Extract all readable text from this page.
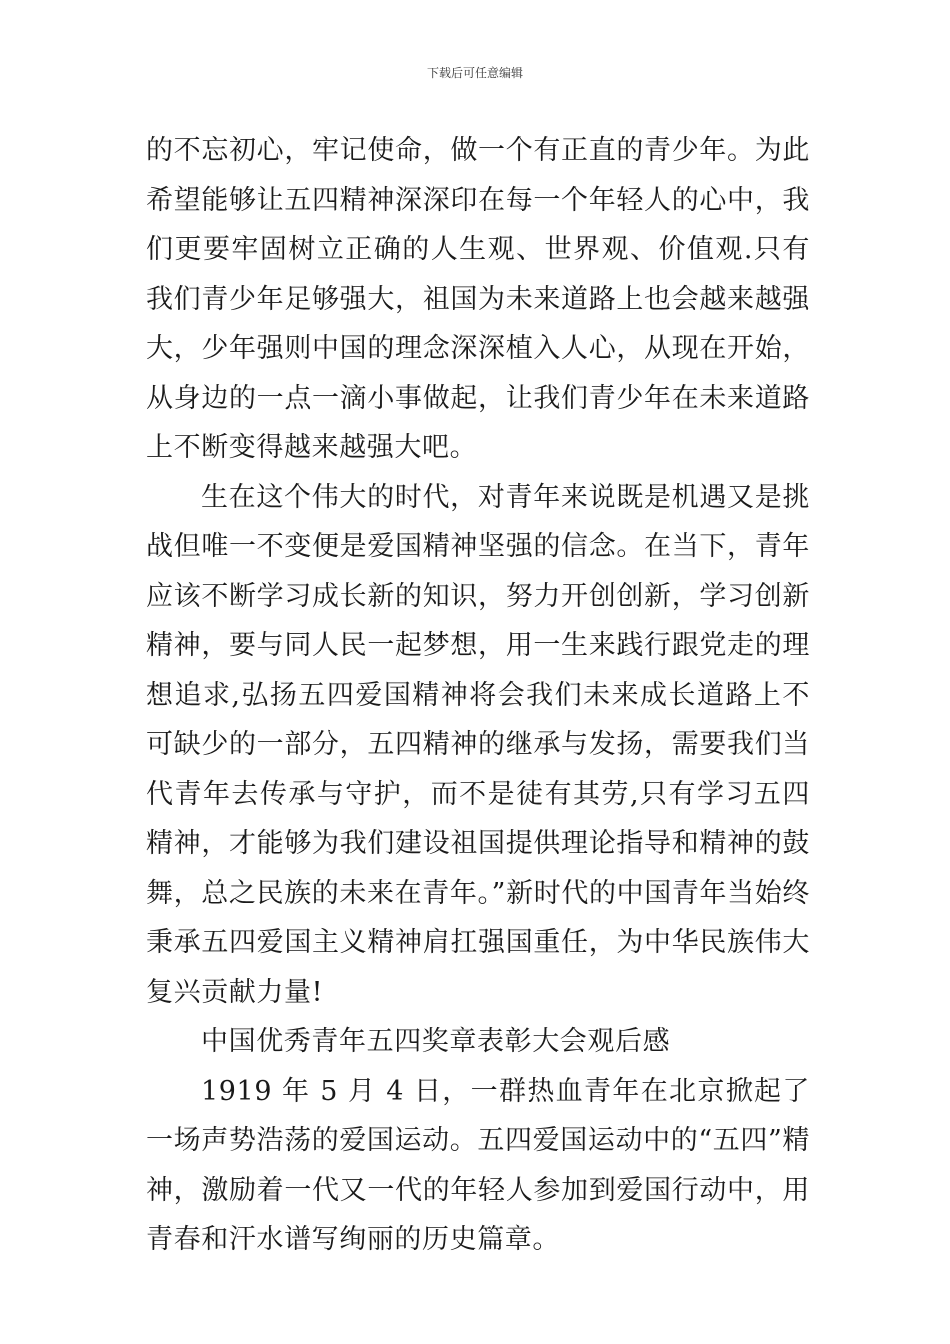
下载后可任意编辑

的不忘初心，牢记使命，做一个有正直的青少年。为此希望能够让五四精神深深印在每一个年轻人的心中，我们更要牢固树立正确的人生观、世界观、价值观.只有我们青少年足够强大，祖国为未来道路上也会越来越强大，少年强则中国的理念深深植入人心，从现在开始，从身边的一点一滴小事做起，让我们青少年在未来道路上不断变得越来越强大吧。

生在这个伟大的时代，对青年来说既是机遇又是挑战但唯一不变便是爱国精神坚强的信念。在当下，青年应该不断学习成长新的知识，努力开创创新，学习创新精神，要与同人民一起梦想，用一生来践行跟党走的理想追求,弘扬五四爱国精神将会我们未来成长道路上不可缺少的一部分，五四精神的继承与发扬，需要我们当代青年去传承与守护，而不是徒有其劳,只有学习五四精神，才能够为我们建设祖国提供理论指导和精神的鼓舞，总之民族的未来在青年。”新时代的中国青年当始终秉承五四爱国主义精神肩扛强国重任，为中华民族伟大复兴贡献力量!

中国优秀青年五四奖章表彰大会观后感

1919 年 5 月 4 日，一群热血青年在北京掀起了一场声势浩荡的爱国运动。五四爱国运动中的“五四”精神，激励着一代又一代的年轻人参加到爱国行动中，用青春和汗水谱写绚丽的历史篇章。
